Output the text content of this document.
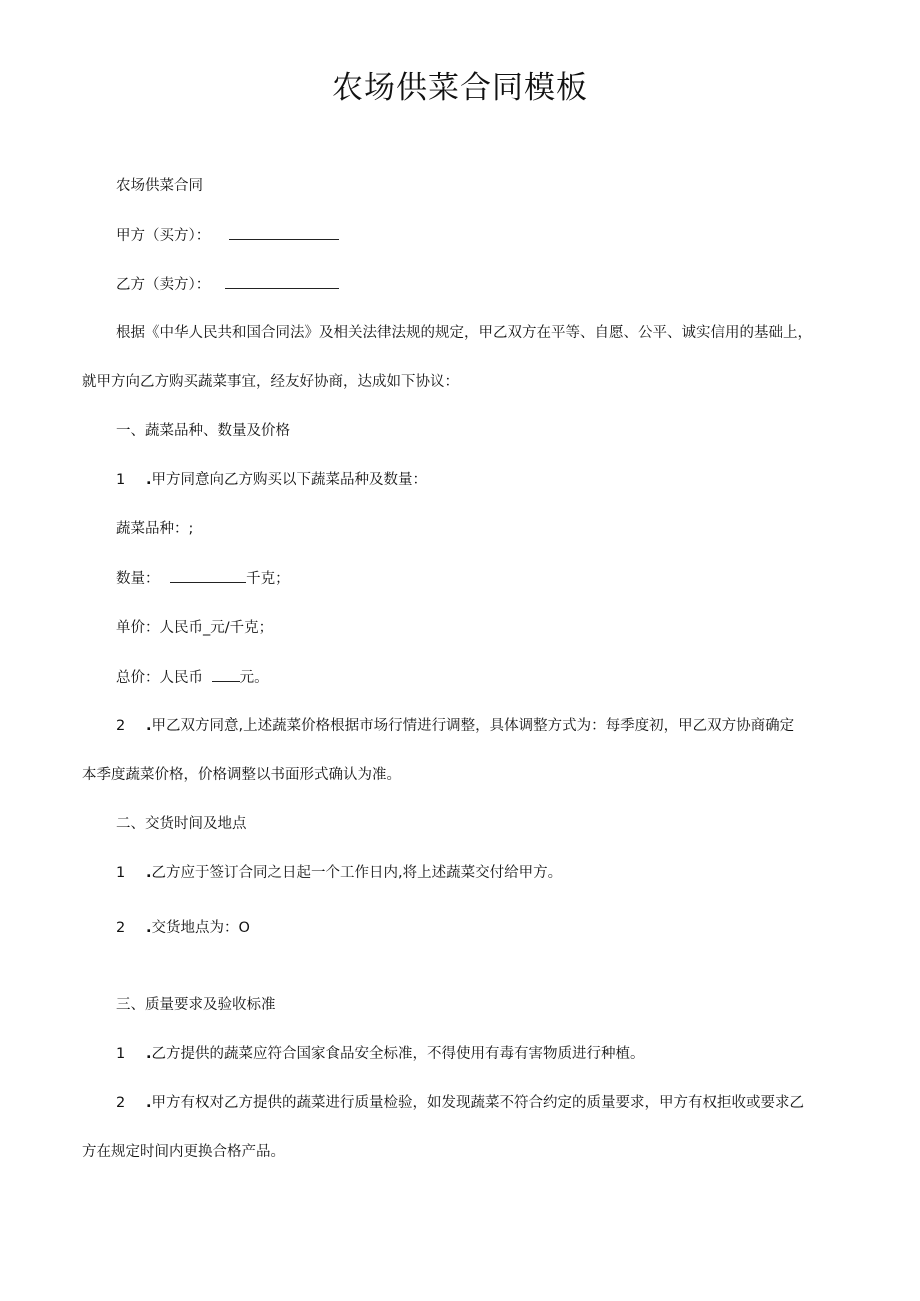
农场供菜合同模板

农场供菜合同

甲方（买方）：

乙方（卖方）：

根据《中华人民共和国合同法》及相关法律法规的规定，甲乙双方在平等、自愿、公平、诚实信用的基础上，

就甲方向乙方购买蔬菜事宜，经友好协商，达成如下协议：

一、蔬菜品种、数量及价格

1 .甲方同意向乙方购买以下蔬菜品种及数量：

蔬菜品种：;

数量：	千克；

单价：人民币_元/千克；

总价：人民币	元。

2 .甲乙双方同意,上述蔬菜价格根据市场行情进行调整，具体调整方式为：每季度初，甲乙双方协商确定

本季度蔬菜价格，价格调整以书面形式确认为准。

二、交货时间及地点

1 .乙方应于签订合同之日起一个工作日内,将上述蔬菜交付给甲方。

2 .交货地点为：O

三、质量要求及验收标准

1 .乙方提供的蔬菜应符合国家食品安全标准，不得使用有毒有害物质进行种植。

2 .甲方有权对乙方提供的蔬菜进行质量检验，如发现蔬菜不符合约定的质量要求，甲方有权拒收或要求乙

方在规定时间内更换合格产品。
